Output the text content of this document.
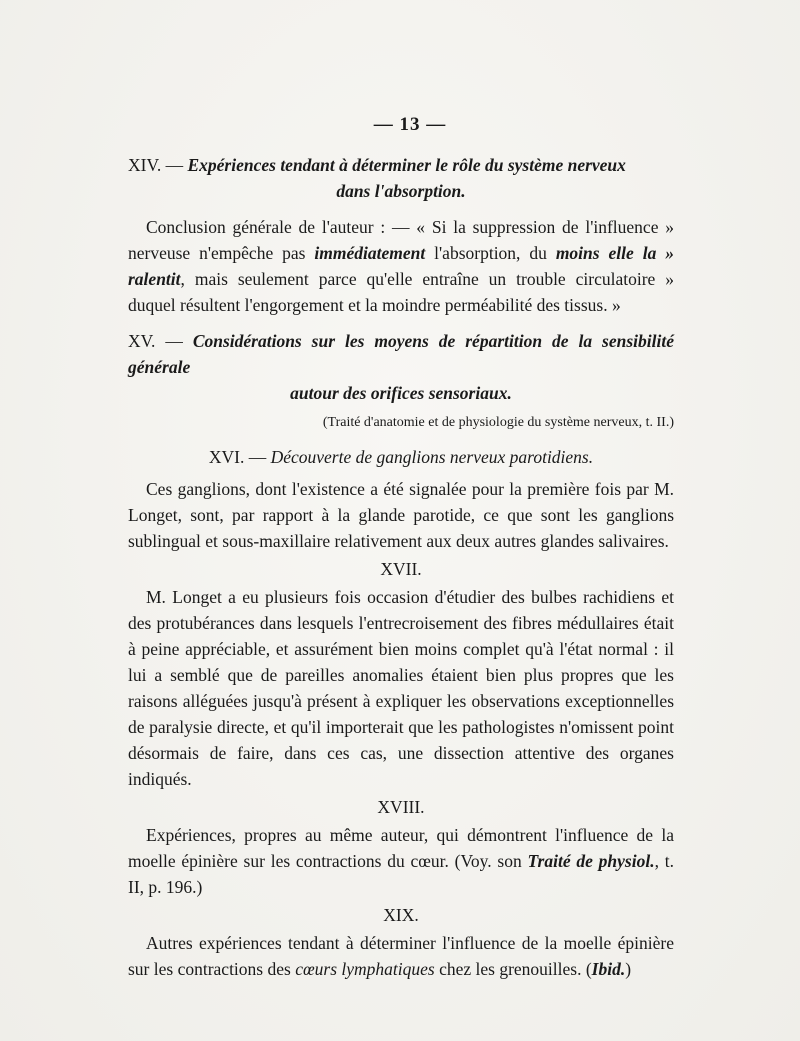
— 13 —

XIV. — Expériences tendant à déterminer le rôle du système nerveux

dans l'absorption.

Conclusion générale de l'auteur : — « Si la suppression de l'influence » nerveuse n'empêche pas immédiatement l'absorption, du moins elle la » ralentit, mais seulement parce qu'elle entraîne un trouble circulatoire » duquel résultent l'engorgement et la moindre perméabilité des tissus. »

XV. — Considérations sur les moyens de répartition de la sensibilité générale

autour des orifices sensoriaux.

(Traité d'anatomie et de physiologie du système nerveux, t. II.)

XVI. — Découverte de ganglions nerveux parotidiens.

Ces ganglions, dont l'existence a été signalée pour la première fois par M. Longet, sont, par rapport à la glande parotide, ce que sont les ganglions sublingual et sous-maxillaire relativement aux deux autres glandes salivaires.

XVII.

M. Longet a eu plusieurs fois occasion d'étudier des bulbes rachidiens et des protubérances dans lesquels l'entrecroisement des fibres médullaires était à peine appréciable, et assurément bien moins complet qu'à l'état normal : il lui a semblé que de pareilles anomalies étaient bien plus propres que les raisons alléguées jusqu'à présent à expliquer les observations exceptionnelles de paralysie directe, et qu'il importerait que les pathologistes n'omissent point désormais de faire, dans ces cas, une dissection attentive des organes indiqués.

XVIII.

Expériences, propres au même auteur, qui démontrent l'influence de la moelle épinière sur les contractions du cœur. (Voy. son Traité de physiol., t. II, p. 196.)

XIX.

Autres expériences tendant à déterminer l'influence de la moelle épinière sur les contractions des cœurs lymphatiques chez les grenouilles. (Ibid.)
